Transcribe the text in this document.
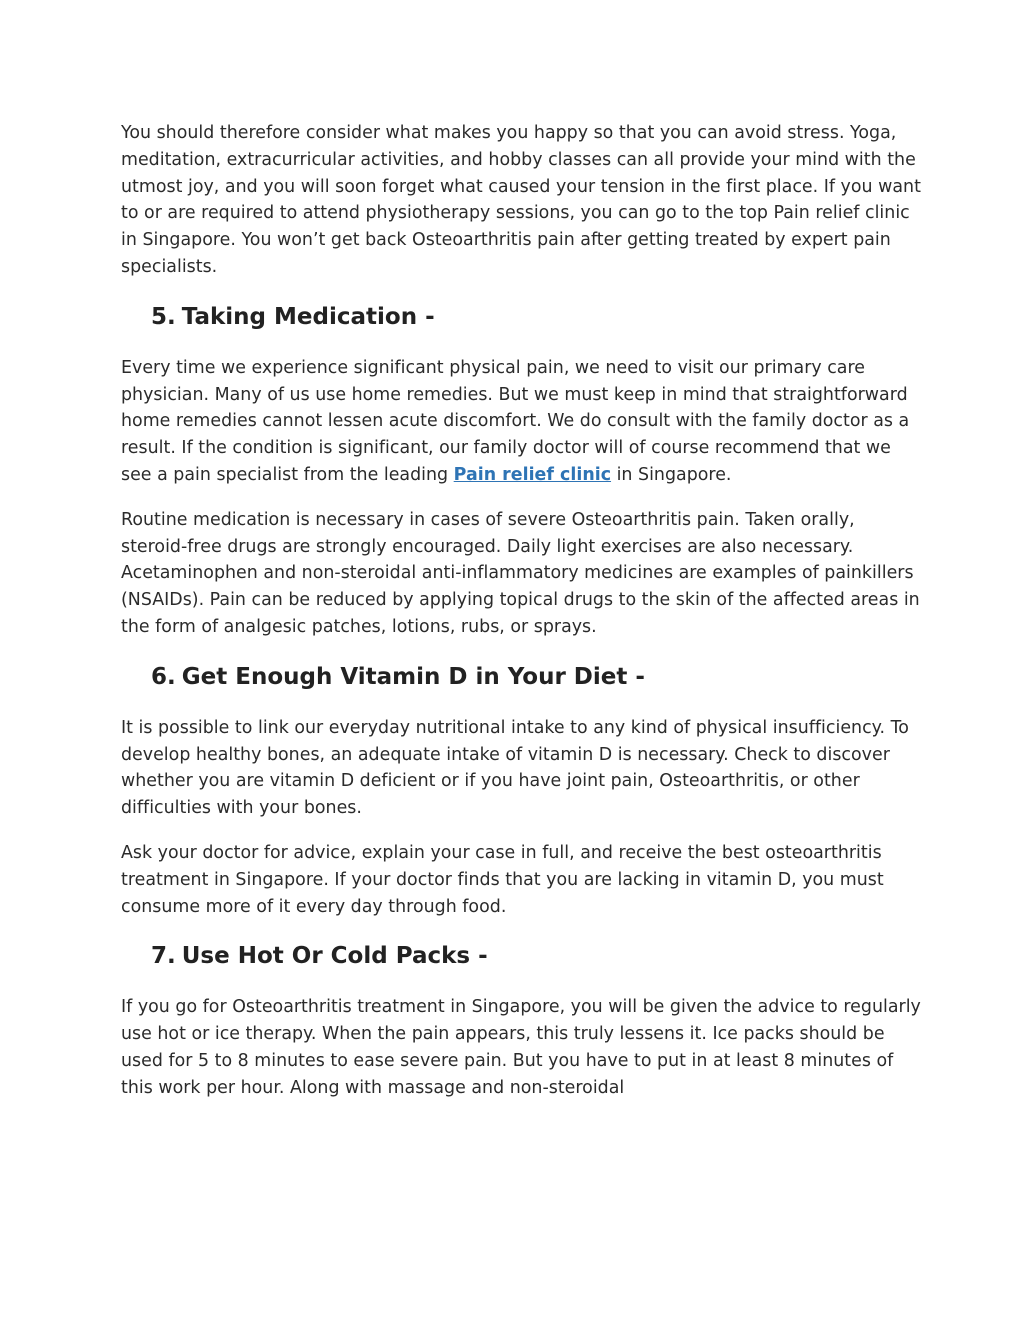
You should therefore consider what makes you happy so that you can avoid stress. Yoga, meditation, extracurricular activities, and hobby classes can all provide your mind with the utmost joy, and you will soon forget what caused your tension in the first place. If you want to or are required to attend physiotherapy sessions, you can go to the top Pain relief clinic in Singapore. You won’t get back Osteoarthritis pain after getting treated by expert pain specialists.

5. Taking Medication -

Every time we experience significant physical pain, we need to visit our primary care physician. Many of us use home remedies. But we must keep in mind that straightforward home remedies cannot lessen acute discomfort. We do consult with the family doctor as a result. If the condition is significant, our family doctor will of course recommend that we see a pain specialist from the leading Pain relief clinic in Singapore.

Routine medication is necessary in cases of severe Osteoarthritis pain. Taken orally, steroid-free drugs are strongly encouraged. Daily light exercises are also necessary. Acetaminophen and non-steroidal anti-inflammatory medicines are examples of painkillers (NSAIDs). Pain can be reduced by applying topical drugs to the skin of the affected areas in the form of analgesic patches, lotions, rubs, or sprays.

6. Get Enough Vitamin D in Your Diet -

It is possible to link our everyday nutritional intake to any kind of physical insufficiency. To develop healthy bones, an adequate intake of vitamin D is necessary. Check to discover whether you are vitamin D deficient or if you have joint pain, Osteoarthritis, or other difficulties with your bones.

Ask your doctor for advice, explain your case in full, and receive the best osteoarthritis treatment in Singapore. If your doctor finds that you are lacking in vitamin D, you must consume more of it every day through food.

7. Use Hot Or Cold Packs -

If you go for Osteoarthritis treatment in Singapore, you will be given the advice to regularly use hot or ice therapy. When the pain appears, this truly lessens it. Ice packs should be used for 5 to 8 minutes to ease severe pain. But you have to put in at least 8 minutes of this work per hour. Along with massage and non-steroidal
